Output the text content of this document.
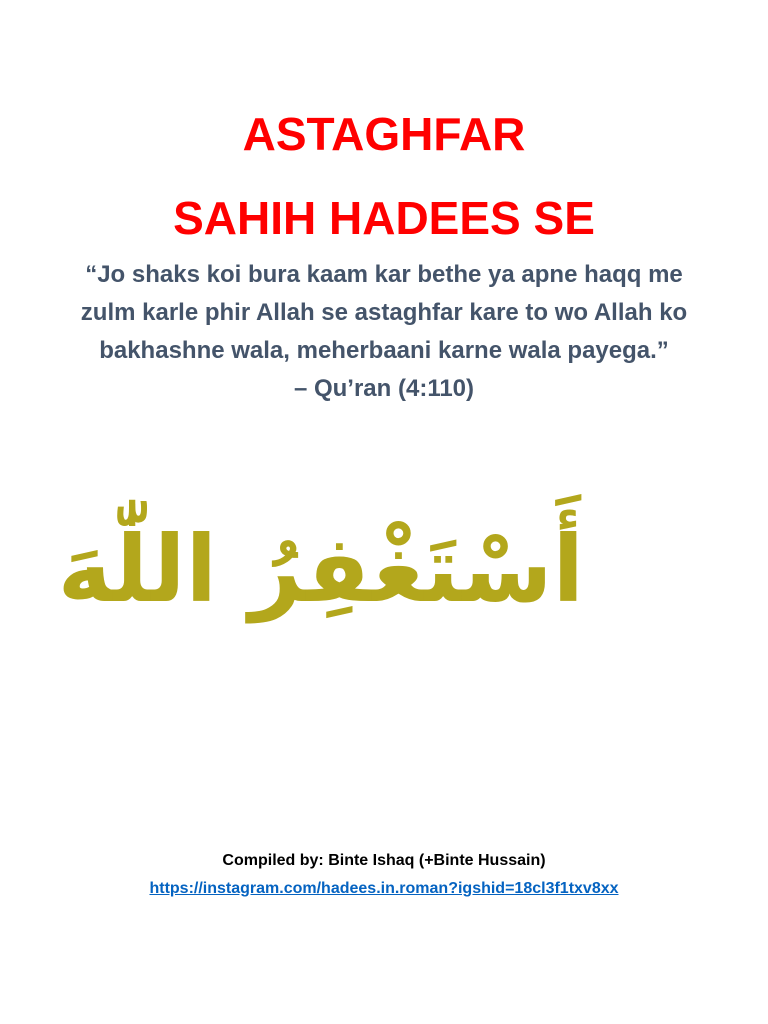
ASTAGHFAR
SAHIH HADEES SE
“Jo shaks koi bura kaam kar bethe ya apne haqq me
zulm karle phir Allah se astaghfar kare to wo Allah ko
bakhashne wala, meherbaani karne wala payega.”
– Qu’ran (4:110)
أَسْتَغْفِرُ اللّٰهَ

Compiled by: Binte Ishaq (+Binte Hussain)

https://instagram.com/hadees.in.roman?igshid=18cl3f1txv8xx
